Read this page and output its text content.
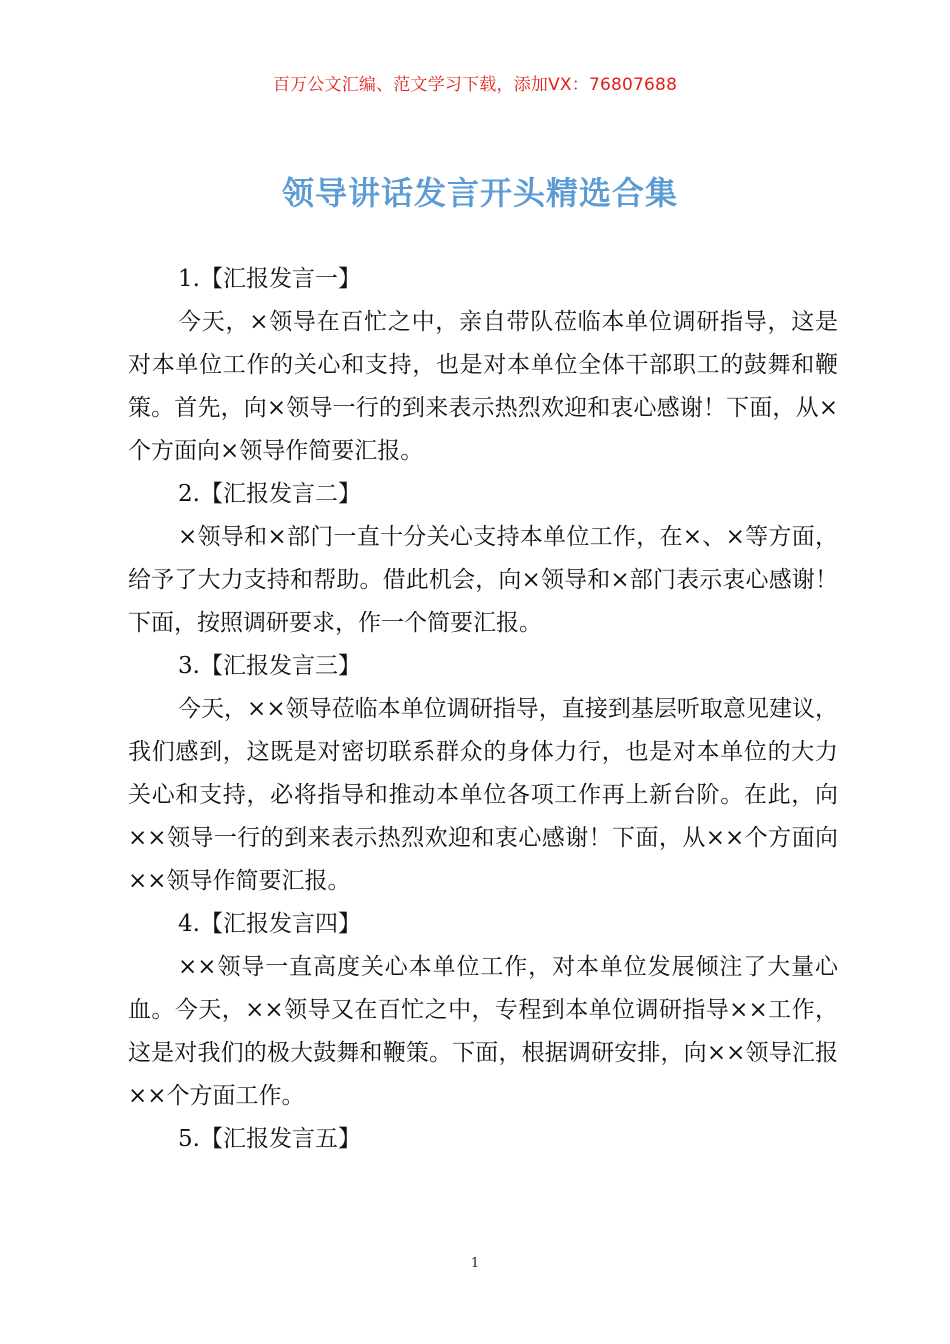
百万公文汇编、范文学习下载，添加VX：76807688
领导讲话发言开头精选合集

1.【汇报发言一】

今天，×领导在百忙之中，亲自带队莅临本单位调研指导，这是对本单位工作的关心和支持，也是对本单位全体干部职工的鼓舞和鞭策。首先，向×领导一行的到来表示热烈欢迎和衷心感谢！下面，从×个方面向×领导作简要汇报。

2.【汇报发言二】

×领导和×部门一直十分关心支持本单位工作，在×、×等方面，给予了大力支持和帮助。借此机会，向×领导和×部门表示衷心感谢！下面，按照调研要求，作一个简要汇报。

3.【汇报发言三】

今天，××领导莅临本单位调研指导，直接到基层听取意见建议，我们感到，这既是对密切联系群众的身体力行，也是对本单位的大力关心和支持，必将指导和推动本单位各项工作再上新台阶。在此，向××领导一行的到来表示热烈欢迎和衷心感谢！下面，从××个方面向××领导作简要汇报。

4.【汇报发言四】

××领导一直高度关心本单位工作，对本单位发展倾注了大量心血。今天，××领导又在百忙之中，专程到本单位调研指导××工作，这是对我们的极大鼓舞和鞭策。下面，根据调研安排，向××领导汇报××个方面工作。

5.【汇报发言五】

1
